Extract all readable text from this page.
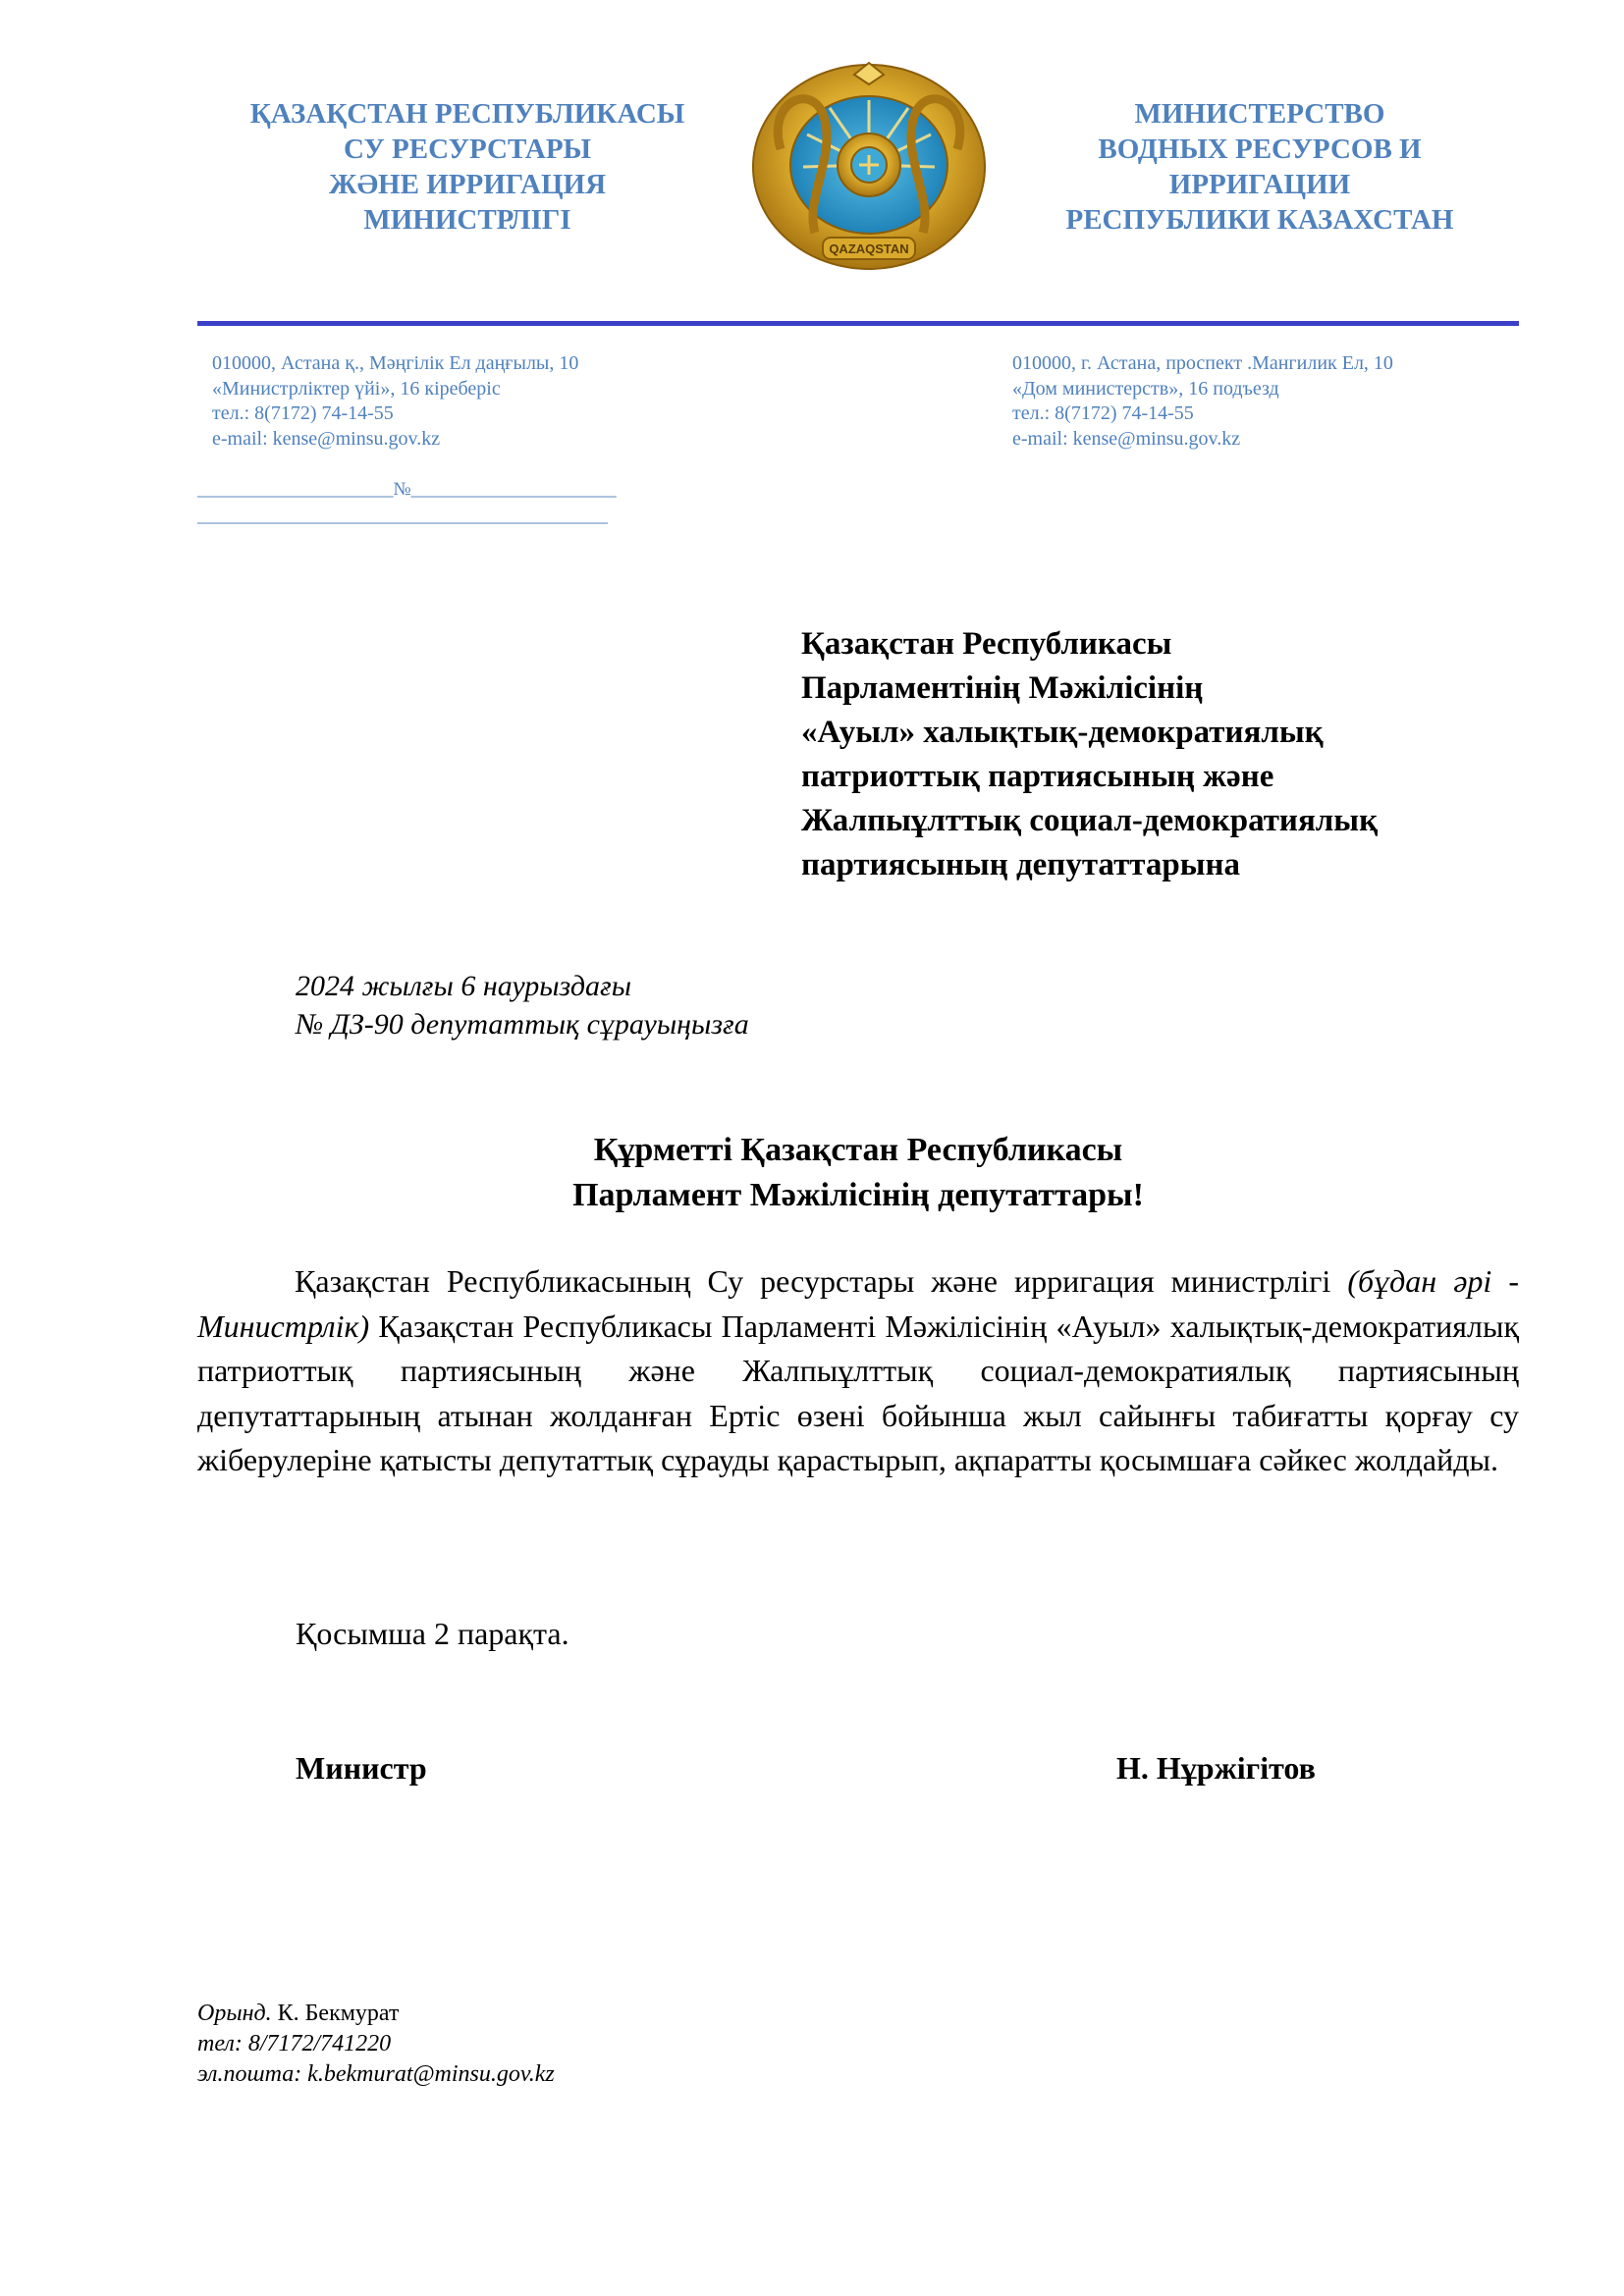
ҚАЗАҚСТАН РЕСПУБЛИКАСЫ
СУ РЕСУРСТАРЫ
ЖӘНЕ ИРРИГАЦИЯ
МИНИСТРЛІГІ
QAZAQSTAN
МИНИСТЕРСТВО
ВОДНЫХ РЕСУРСОВ И
ИРРИГАЦИИ
РЕСПУБЛИКИ КАЗАХСТАН
010000, Астана қ., Мәңгілік Ел даңғылы, 10
«Министрліктер үйі», 16 кіреберіс
тел.: 8(7172) 74-14-55
e-mail: kense@minsu.gov.kz
010000, г. Астана, проспект .Мангилик Ел, 10
«Дом министерств», 16 подъезд
тел.: 8(7172) 74-14-55
e-mail: kense@minsu.gov.kz
_____________________№______________________
____________________________________________
Қазақстан Республикасы
Парламентінің Мәжілісінің
«Ауыл» халықтық-демократиялық
патриоттық партиясының және
Жалпыұлттық социал-демократиялық
партиясының депутаттарына
2024 жылғы 6 наурыздағы
№ ДЗ-90 депутаттық сұрауыңызға
Құрметті Қазақстан Республикасы
Парламент Мәжілісінің депутаттары!
Қазақстан Республикасының Су ресурстары және ирригация министрлігі (бұдан әрі - Министрлік) Қазақстан Республикасы Парламенті Мәжілісінің «Ауыл» халықтық-демократиялық патриоттық партиясының және Жалпыұлттық социал-демократиялық партиясының депутаттарының атынан жолданған Ертіс өзені бойынша жыл сайынғы табиғатты қорғау су жіберулеріне қатысты депутаттық сұрауды қарастырып, ақпаратты қосымшаға сәйкес жолдайды.
Қосымша 2 парақта.
Министр	Н. Нұржігітов
Орынд. К. Бекмурат
тел: 8/7172/741220
эл.пошта: k.bekmurat@minsu.gov.kz
